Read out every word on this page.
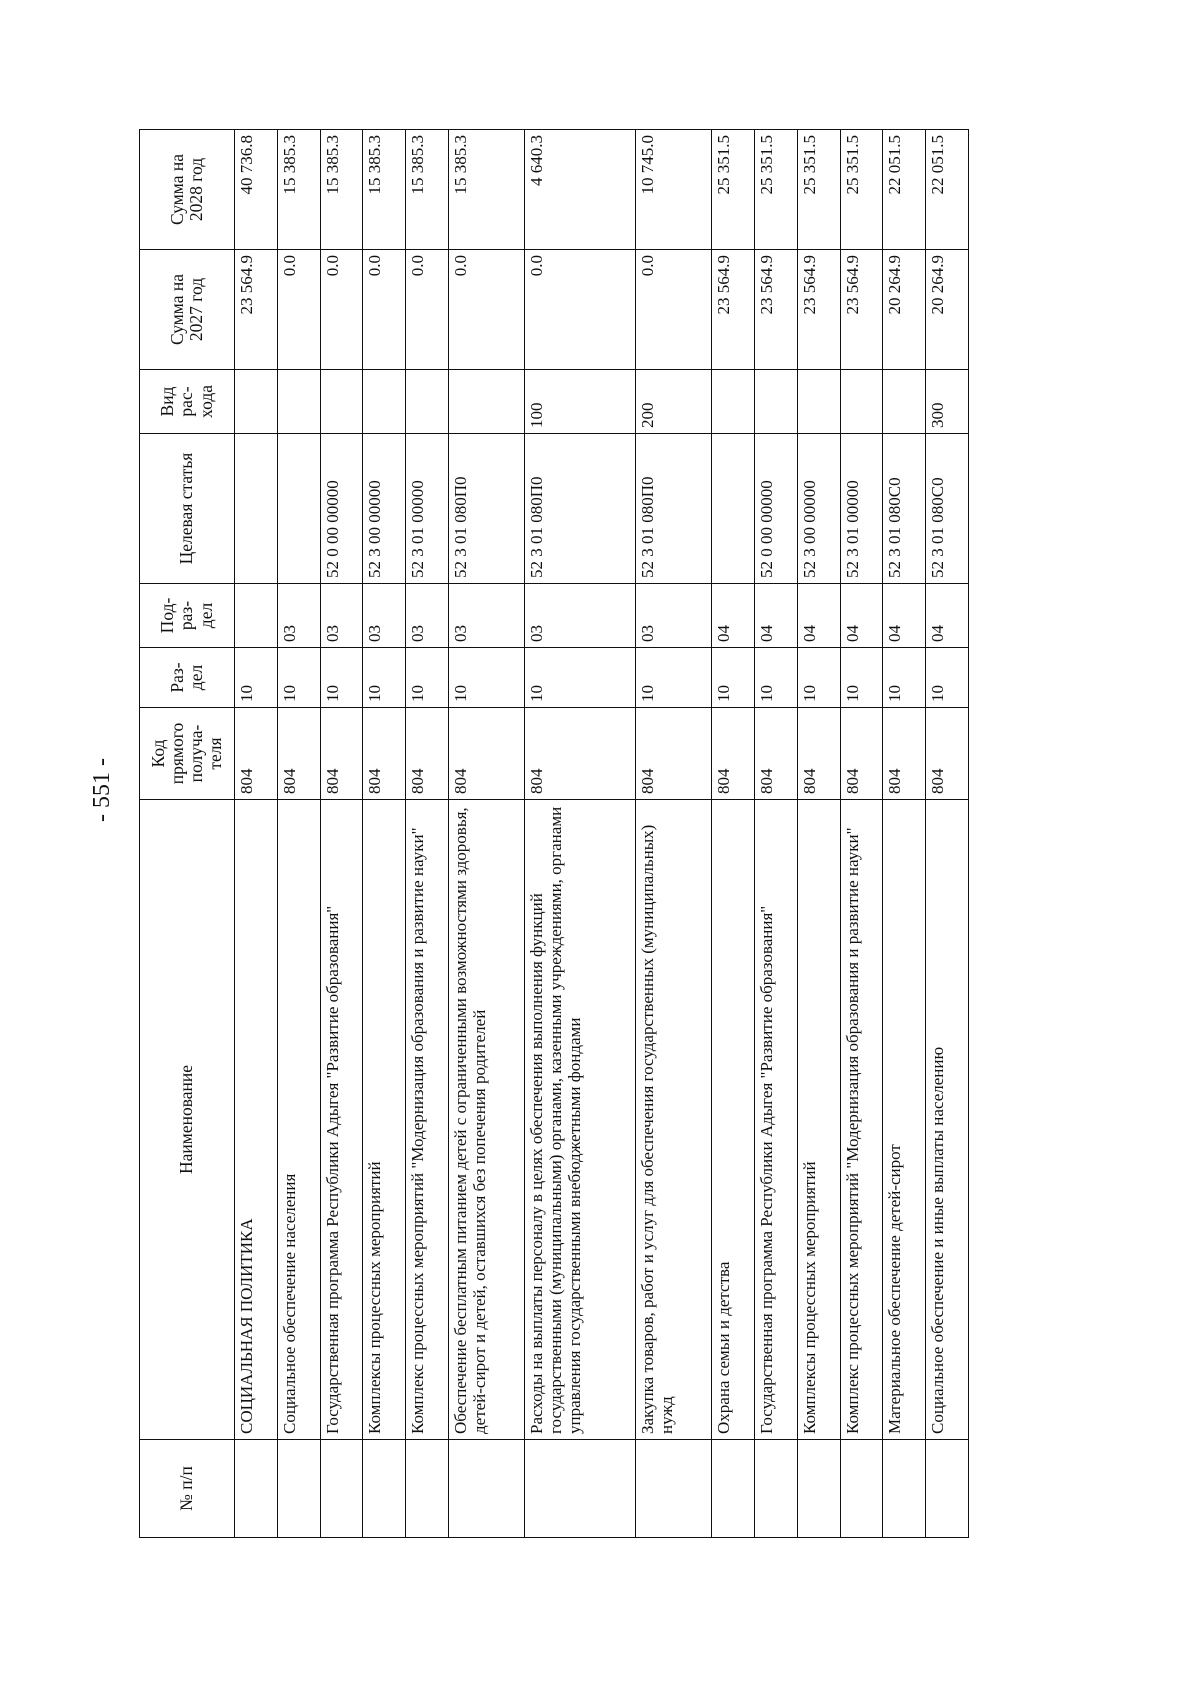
- 551 -
№ п/п	Наименование	Код прямого получа-теля	Раз-дел	Под-раз-дел	Целевая статья	Вид рас-хода	Сумма на 2027 год	Сумма на 2028 год
	СОЦИАЛЬНАЯ ПОЛИТИКА	804	10				23 564.9	40 736.8
	Социальное обеспечение населения	804	10	03			0.0	15 385.3
	Государственная программа Республики Адыгея "Развитие образования"	804	10	03	52 0 00 00000		0.0	15 385.3
	Комплексы процессных мероприятий	804	10	03	52 3 00 00000		0.0	15 385.3
	Комплекс процессных мероприятий "Модернизация образования и развитие науки"	804	10	03	52 3 01 00000		0.0	15 385.3
	Обеспечение бесплатным питанием детей с ограниченными возможностями здоровья, детей-сирот и детей, оставшихся без попечения родителей	804	10	03	52 3 01 080П0		0.0	15 385.3
	Расходы на выплаты персоналу в целях обеспечения выполнения функций государственными (муниципальными) органами, казенными учреждениями, органами управления государственными внебюджетными фондами	804	10	03	52 3 01 080П0	100	0.0	4 640.3
	Закупка товаров, работ и услуг для обеспечения государственных (муниципальных) нужд	804	10	03	52 3 01 080П0	200	0.0	10 745.0
	Охрана семьи и детства	804	10	04			23 564.9	25 351.5
	Государственная программа Республики Адыгея "Развитие образования"	804	10	04	52 0 00 00000		23 564.9	25 351.5
	Комплексы процессных мероприятий	804	10	04	52 3 00 00000		23 564.9	25 351.5
	Комплекс процессных мероприятий "Модернизация образования и развитие науки"	804	10	04	52 3 01 00000		23 564.9	25 351.5
	Материальное обеспечение детей-сирот	804	10	04	52 3 01 080С0		20 264.9	22 051.5
	Социальное обеспечение и иные выплаты населению	804	10	04	52 3 01 080С0	300	20 264.9	22 051.5
